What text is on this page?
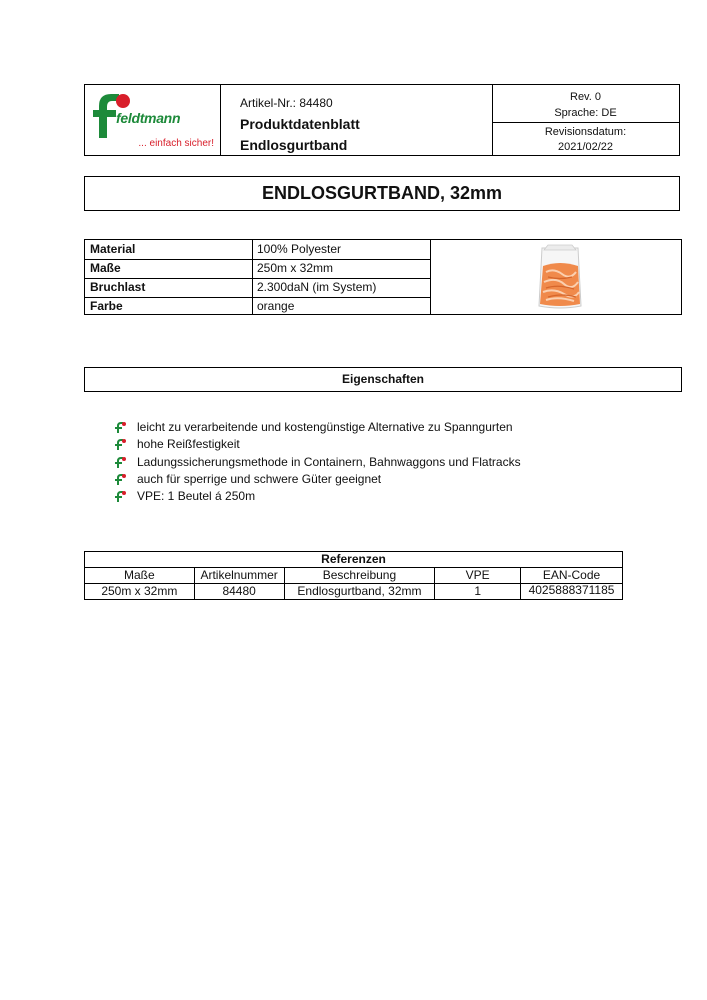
feldtmann
... einfach sicher!
Artikel-Nr.: 84480
Produktdatenblatt
Endlosgurtband
Rev. 0
Sprache: DE
Revisionsdatum:
2021/02/22
ENDLOSGURTBAND, 32mm
Material	100% Polyester
Maße	250m x 32mm
Bruchlast	2.300daN (im System)
Farbe	orange
Eigenschaften
leicht zu verarbeitende und kostengünstige Alternative zu Spanngurten
hohe Reißfestigkeit
Ladungssicherungsmethode in Containern, Bahnwaggons und Flatracks
auch für sperrige und schwere Güter geeignet
VPE: 1 Beutel á 250m
Referenzen				
Maße	Artikelnummer	Beschreibung	VPE	EAN-Code
250m x 32mm	84480	Endlosgurtband, 32mm	1	4025888371185
